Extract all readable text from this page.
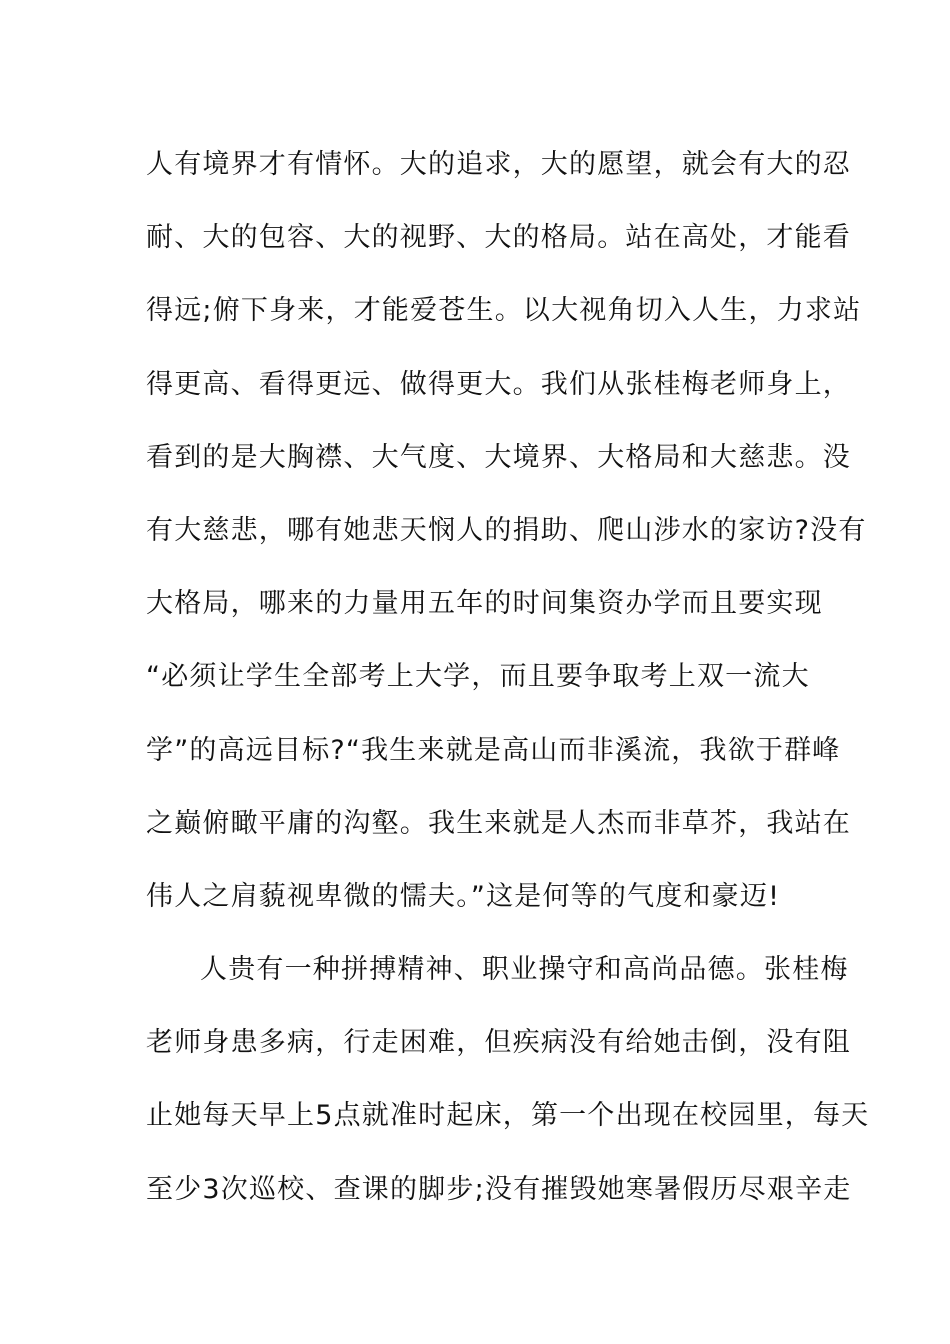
人有境界才有情怀。大的追求，大的愿望，就会有大的忍
耐、大的包容、大的视野、大的格局。站在高处，才能看
得远;俯下身来，才能爱苍生。以大视角切入人生，力求站
得更高、看得更远、做得更大。我们从张桂梅老师身上，
看到的是大胸襟、大气度、大境界、大格局和大慈悲。没
有大慈悲，哪有她悲天悯人的捐助、爬山涉水的家访?没有
大格局，哪来的力量用五年的时间集资办学而且要实现
“必须让学生全部考上大学，而且要争取考上双一流大
学”的高远目标?“我生来就是高山而非溪流，我欲于群峰
之巅俯瞰平庸的沟壑。我生来就是人杰而非草芥，我站在
伟人之肩藐视卑微的懦夫。”这是何等的气度和豪迈!
人贵有一种拼搏精神、职业操守和高尚品德。张桂梅
老师身患多病，行走困难，但疾病没有给她击倒，没有阻
止她每天早上5点就准时起床，第一个出现在校园里，每天
至少3次巡校、查课的脚步;没有摧毁她寒暑假历尽艰辛走
